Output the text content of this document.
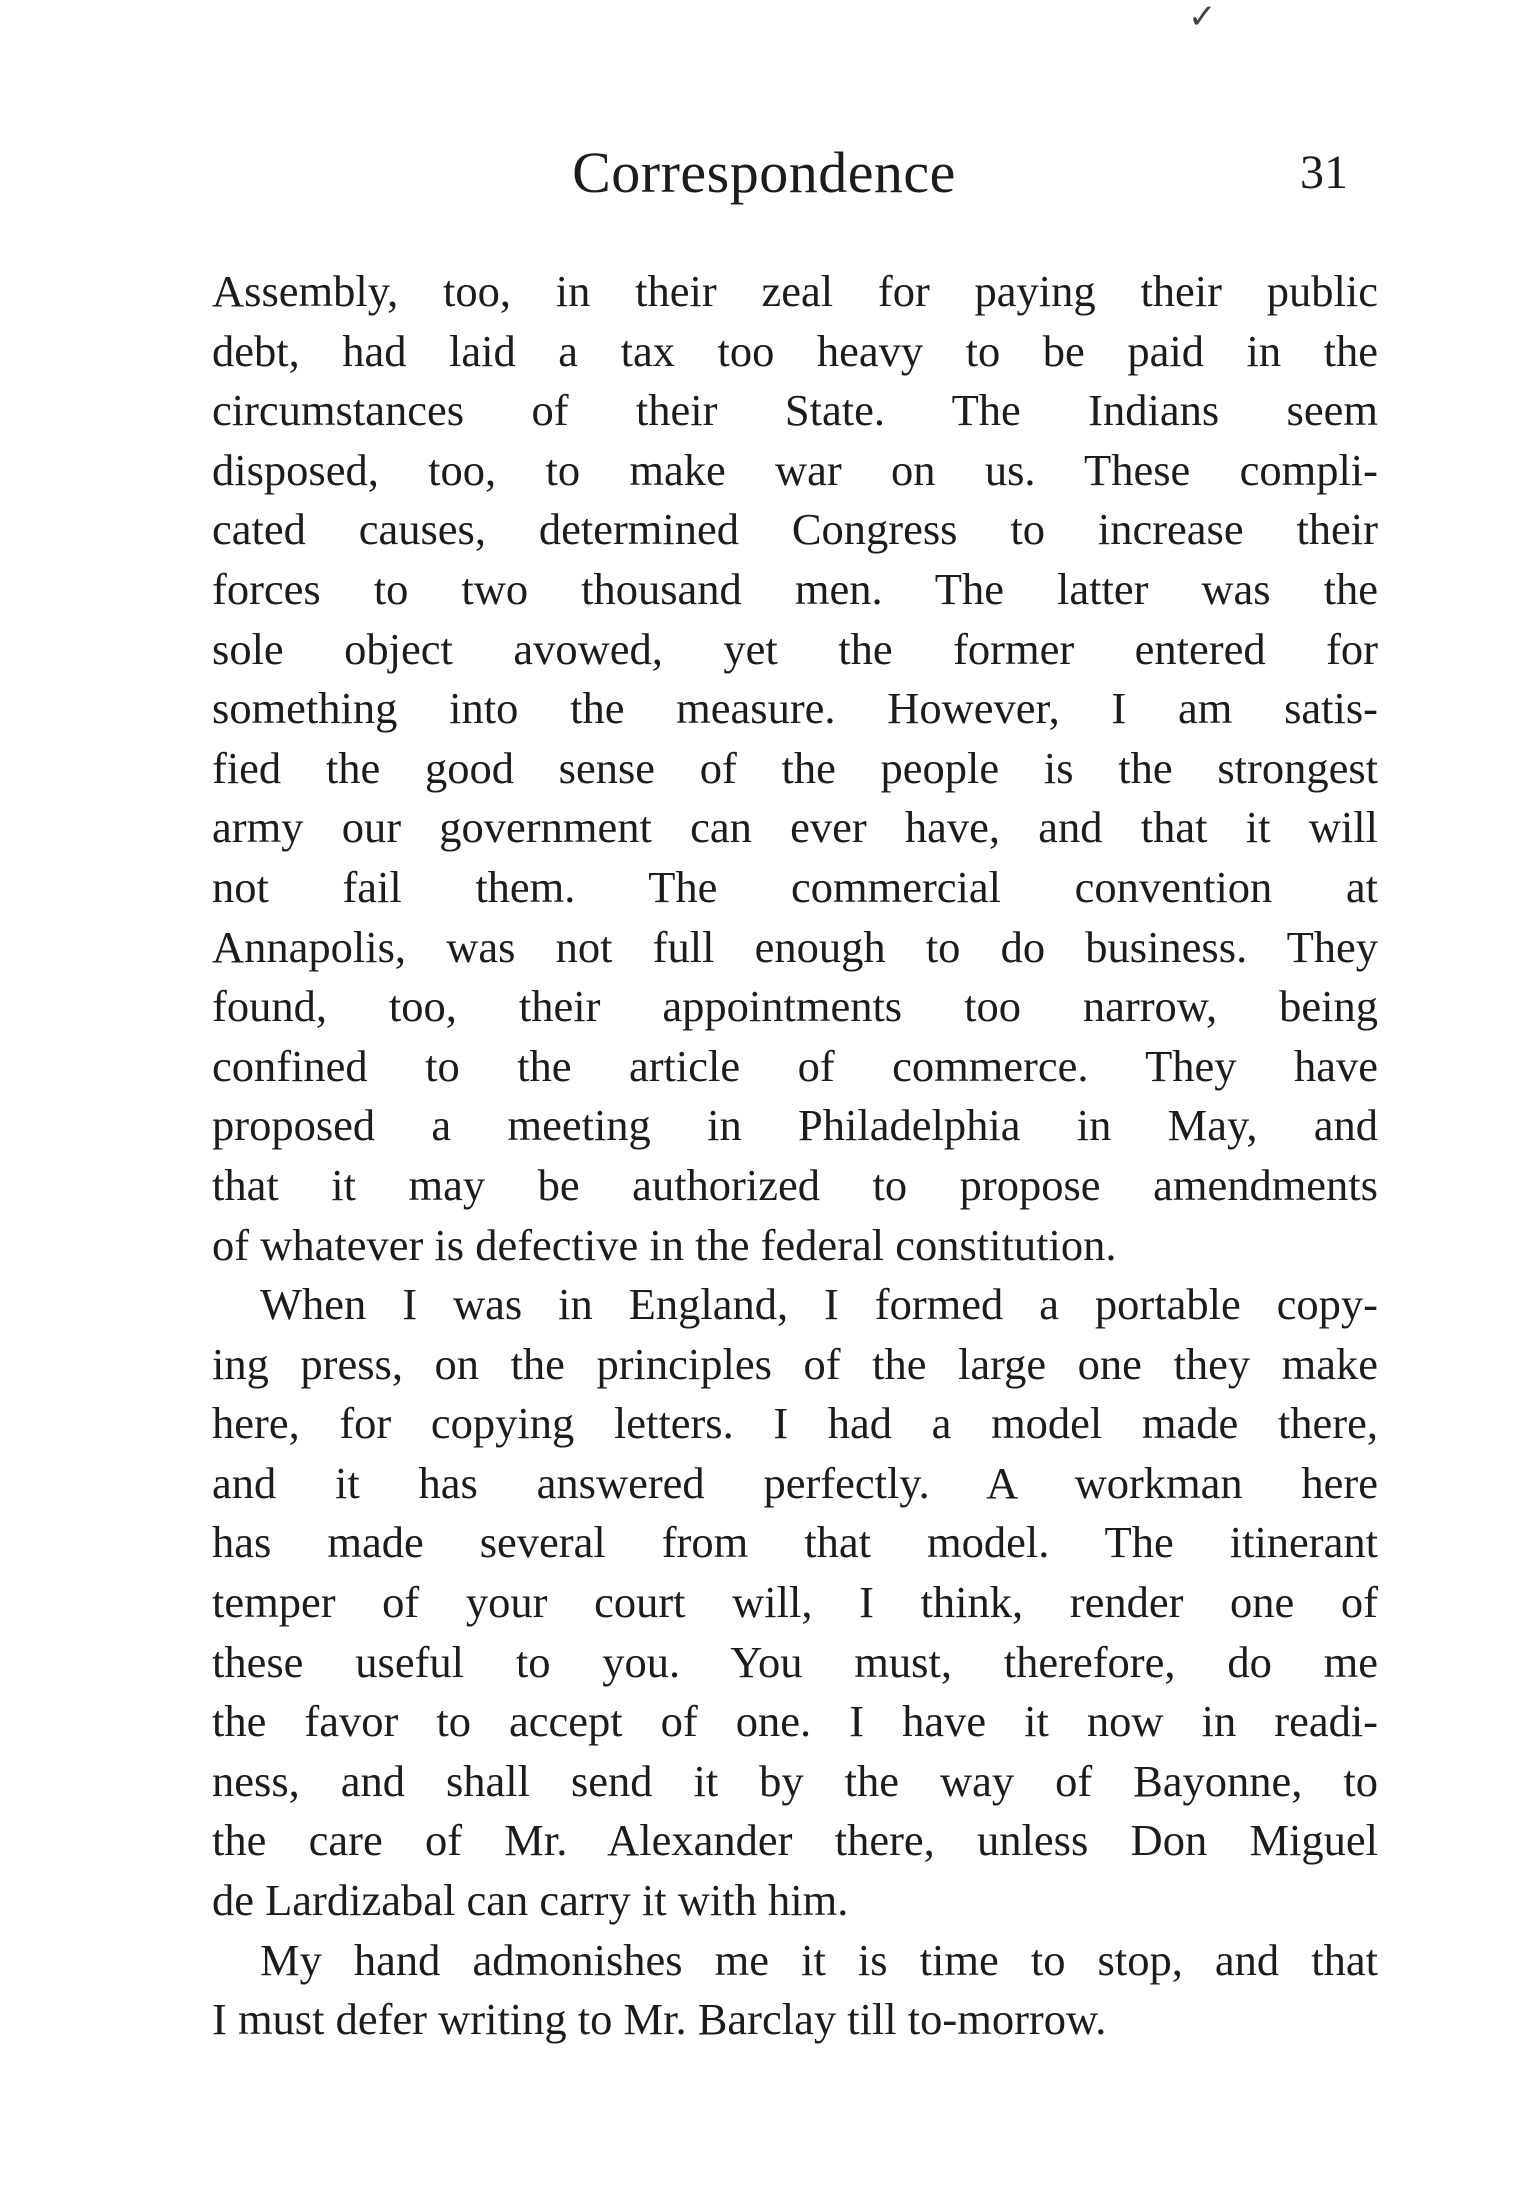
✓
Correspondence	31
Assembly, too, in their zeal for paying their public
debt, had laid a tax too heavy to be paid in the
circumstances of their State. The Indians seem
disposed, too, to make war on us. These compli-
cated causes, determined Congress to increase their
forces to two thousand men. The latter was the
sole object avowed, yet the former entered for
something into the measure. However, I am satis-
fied the good sense of the people is the strongest
army our government can ever have, and that it will
not fail them. The commercial convention at
Annapolis, was not full enough to do business. They
found, too, their appointments too narrow, being
confined to the article of commerce. They have
proposed a meeting in Philadelphia in May, and
that it may be authorized to propose amendments
of whatever is defective in the federal constitution.
When I was in England, I formed a portable copy-
ing press, on the principles of the large one they make
here, for copying letters. I had a model made there,
and it has answered perfectly. A workman here
has made several from that model. The itinerant
temper of your court will, I think, render one of
these useful to you. You must, therefore, do me
the favor to accept of one. I have it now in readi-
ness, and shall send it by the way of Bayonne, to
the care of Mr. Alexander there, unless Don Miguel
de Lardizabal can carry it with him.
My hand admonishes me it is time to stop, and that
I must defer writing to Mr. Barclay till to-morrow.
